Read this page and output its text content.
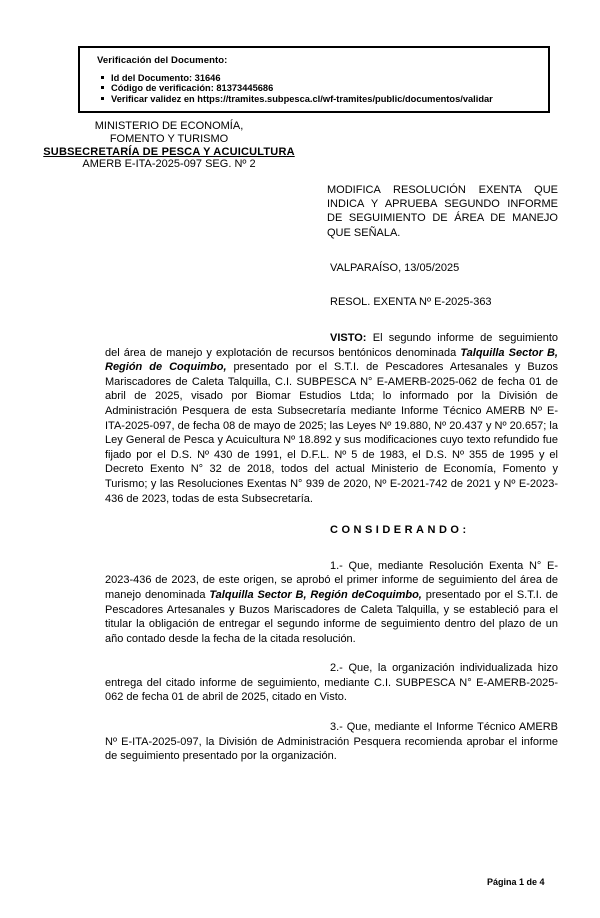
Verificación del Documento:
Id del Documento: 31646
Código de verificación: 81373445686
Verificar validez en https://tramites.subpesca.cl/wf-tramites/public/documentos/validar
MINISTERIO DE ECONOMÍA,
FOMENTO Y TURISMO
SUBSECRETARÍA DE PESCA Y ACUICULTURA
AMERB E-ITA-2025-097 SEG. Nº 2
MODIFICA RESOLUCIÓN EXENTA QUE INDICA Y APRUEBA SEGUNDO INFORME DE SEGUIMIENTO DE ÁREA DE MANEJO QUE SEÑALA.
VALPARAÍSO, 13/05/2025
RESOL. EXENTA Nº E-2025-363

VISTO: El segundo informe de seguimiento del área de manejo y explotación de recursos bentónicos denominada Talquilla Sector B, Región de Coquimbo, presentado por el S.T.I. de Pescadores Artesanales y Buzos Mariscadores de Caleta Talquilla, C.I. SUBPESCA N° E-AMERB-2025-062 de fecha 01 de abril de 2025, visado por Biomar Estudios Ltda; lo informado por la División de Administración Pesquera de esta Subsecretaría mediante Informe Técnico AMERB Nº E-ITA-2025-097, de fecha 08 de mayo de 2025; las Leyes Nº 19.880, Nº 20.437 y Nº 20.657; la Ley General de Pesca y Acuicultura Nº 18.892 y sus modificaciones cuyo texto refundido fue fijado por el D.S. Nº 430 de 1991, el D.F.L. Nº 5 de 1983, el D.S. Nº 355 de 1995 y el Decreto Exento N° 32 de 2018, todos del actual Ministerio de Economía, Fomento y Turismo; y las Resoluciones Exentas N° 939 de 2020, Nº E-2021-742 de 2021 y Nº E-2023-436 de 2023, todas de esta Subsecretaría.

CONSIDERANDO:

1.- Que, mediante Resolución Exenta N° E-2023-436 de 2023, de este origen, se aprobó el primer informe de seguimiento del área de manejo denominada Talquilla Sector B, Región deCoquimbo, presentado por el S.T.I. de Pescadores Artesanales y Buzos Mariscadores de Caleta Talquilla, y se estableció para el titular la obligación de entregar el segundo informe de seguimiento dentro del plazo de un año contado desde la fecha de la citada resolución.

2.- Que, la organización individualizada hizo entrega del citado informe de seguimiento, mediante C.I. SUBPESCA N° E-AMERB-2025-062 de fecha 01 de abril de 2025, citado en Visto.

3.- Que, mediante el Informe Técnico AMERB Nº E-ITA-2025-097, la División de Administración Pesquera recomienda aprobar el informe de seguimiento presentado por la organización.

Página 1 de 4
